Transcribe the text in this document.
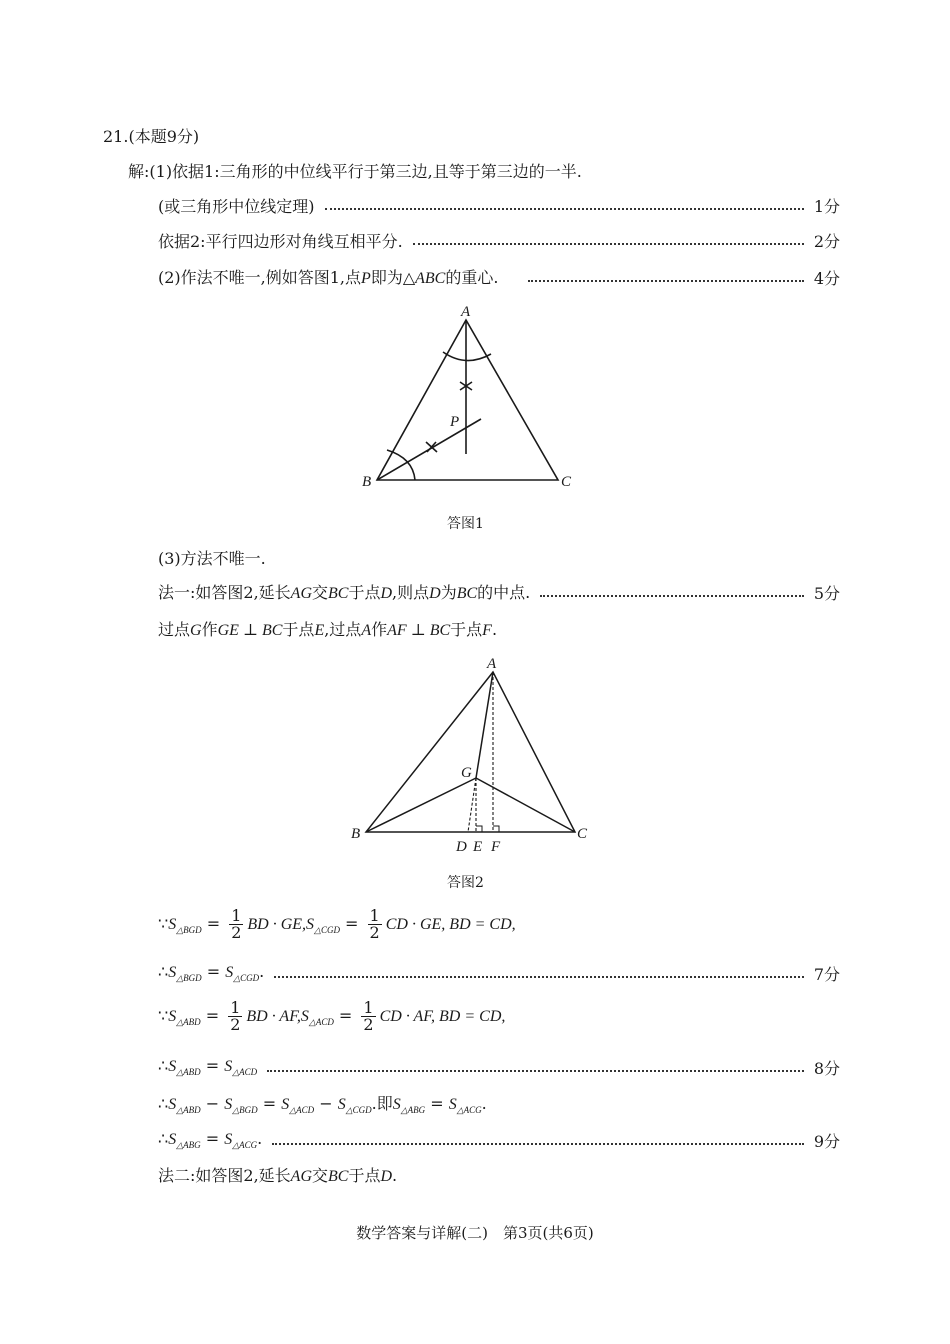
21.(本题9分)
解:(1)依据1:三角形的中位线平行于第三边,且等于第三边的一半.
(或三角形中位线定理)	1分
依据2:平行四边形对角线互相平分.	2分
(2)作法不唯一,例如答图1,点P即为△ABC的重心.	4分
A
B	C
P
答图1
(3)方法不唯一.
法一:如答图2,延长AG交BC于点D,则点D为BC的中点.	5分
过点G作GE ⊥ BC于点E,过点A作AF ⊥ BC于点F.
A
B	C
G
D E F
答图2
$\because S_{\triangle BGD} = \frac{1}{2}$ BD · $GE,S_{\triangle CGD} = \frac{1}{2}$ CD · GE, BD = CD,
$\therefore S_{\triangle BGD} = S_{\triangle CGD}$.	7分
$\because S_{\triangle ABD} = \frac{1}{2}$ BD · $AF,S_{\triangle ACD} = \frac{1}{2}$ CD · AF, BD = CD,
$\therefore S_{\triangle ABD} = S_{\triangle ACD}$	8分
$\therefore S_{\triangle ABD} - S_{\triangle BGD} = S_{\triangle ACD} - S_{\triangle CGD}$.即$S_{\triangle ABG} = S_{\triangle ACG}$.
$\therefore S_{\triangle ABG} = S_{\triangle ACG}$.	9分
法二:如答图2,延长AG交BC于点D.
数学答案与详解(二)　第3页(共6页)
